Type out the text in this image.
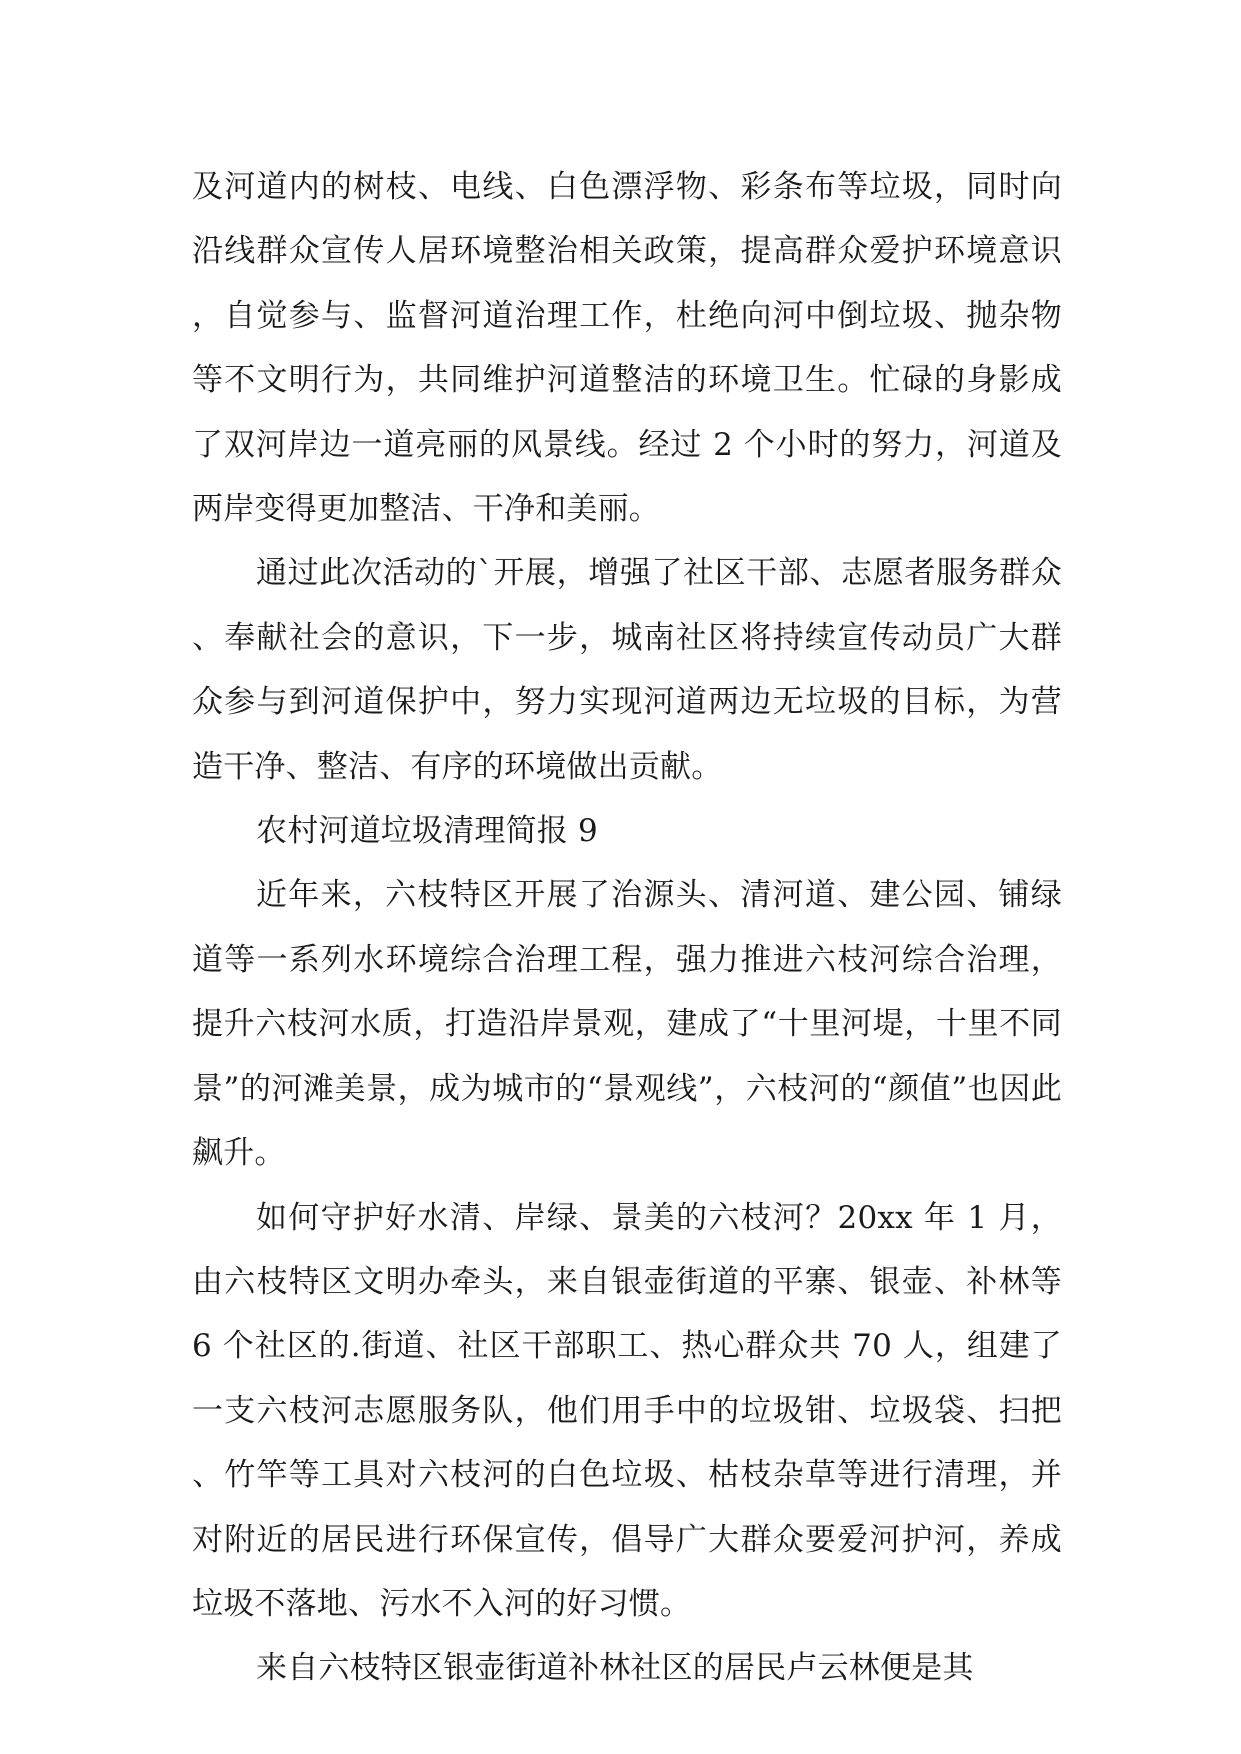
及河道内的树枝、电线、白色漂浮物、彩条布等垃圾，同时向沿线群众宣传人居环境整治相关政策，提高群众爱护环境意识，自觉参与、监督河道治理工作，杜绝向河中倒垃圾、抛杂物等不文明行为，共同维护河道整洁的环境卫生。忙碌的身影成了双河岸边一道亮丽的风景线。经过 2 个小时的努力，河道及两岸变得更加整洁、干净和美丽。

通过此次活动的`开展，增强了社区干部、志愿者服务群众、奉献社会的意识，下一步，城南社区将持续宣传动员广大群众参与到河道保护中，努力实现河道两边无垃圾的目标，为营造干净、整洁、有序的环境做出贡献。

农村河道垃圾清理简报 9

近年来，六枝特区开展了治源头、清河道、建公园、铺绿道等一系列水环境综合治理工程，强力推进六枝河综合治理，提升六枝河水质，打造沿岸景观，建成了“十里河堤，十里不同景”的河滩美景，成为城市的“景观线”，六枝河的“颜值”也因此飙升。

如何守护好水清、岸绿、景美的六枝河？20xx 年 1 月，由六枝特区文明办牵头，来自银壶街道的平寨、银壶、补林等 6 个社区的.街道、社区干部职工、热心群众共 70 人，组建了一支六枝河志愿服务队，他们用手中的垃圾钳、垃圾袋、扫把、竹竿等工具对六枝河的白色垃圾、枯枝杂草等进行清理，并对附近的居民进行环保宣传，倡导广大群众要爱河护河，养成垃圾不落地、污水不入河的好习惯。

来自六枝特区银壶街道补林社区的居民卢云林便是其
